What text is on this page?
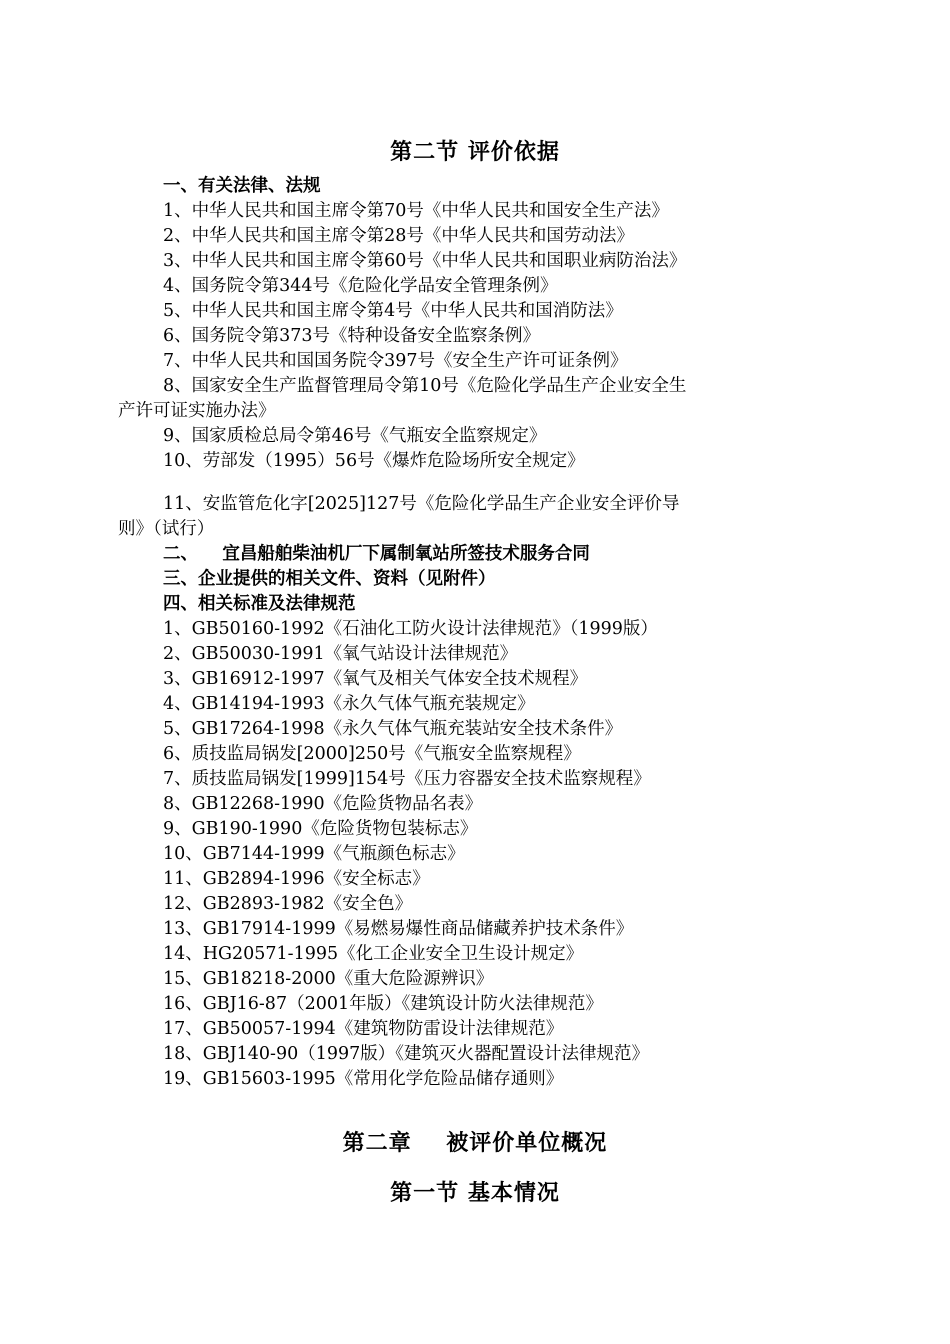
第二节 评价依据
一、有关法律、法规
1、中华人民共和国主席令第70号《中华人民共和国安全生产法》
2、中华人民共和国主席令第28号《中华人民共和国劳动法》
3、中华人民共和国主席令第60号《中华人民共和国职业病防治法》
4、国务院令第344号《危险化学品安全管理条例》
5、中华人民共和国主席令第4号《中华人民共和国消防法》
6、国务院令第373号《特种设备安全监察条例》
7、中华人民共和国国务院令397号《安全生产许可证条例》
8、国家安全生产监督管理局令第10号《危险化学品生产企业安全生
产许可证实施办法》
9、国家质检总局令第46号《气瓶安全监察规定》
10、劳部发（1995）56号《爆炸危险场所安全规定》
11、安监管危化字[2025]127号《危险化学品生产企业安全评价导
则》（试行）
二、    宜昌船舶柴油机厂下属制氧站所签技术服务合同
三、企业提供的相关文件、资料（见附件）
四、相关标准及法律规范
1、GB50160-1992《石油化工防火设计法律规范》（1999版）
2、GB50030-1991《氧气站设计法律规范》
3、GB16912-1997《氧气及相关气体安全技术规程》
4、GB14194-1993《永久气体气瓶充装规定》
5、GB17264-1998《永久气体气瓶充装站安全技术条件》
6、质技监局锅发[2000]250号《气瓶安全监察规程》
7、质技监局锅发[1999]154号《压力容器安全技术监察规程》
8、GB12268-1990《危险货物品名表》
9、GB190-1990《危险货物包装标志》
10、GB7144-1999《气瓶颜色标志》
11、GB2894-1996《安全标志》
12、GB2893-1982《安全色》
13、GB17914-1999《易燃易爆性商品储藏养护技术条件》
14、HG20571-1995《化工企业安全卫生设计规定》
15、GB18218-2000《重大危险源辨识》
16、GBJ16-87（2001年版）《建筑设计防火法律规范》
17、GB50057-1994《建筑物防雷设计法律规范》
18、GBJ140-90（1997版）《建筑灭火器配置设计法律规范》
19、GB15603-1995《常用化学危险品储存通则》
第二章    被评价单位概况
第一节 基本情况
